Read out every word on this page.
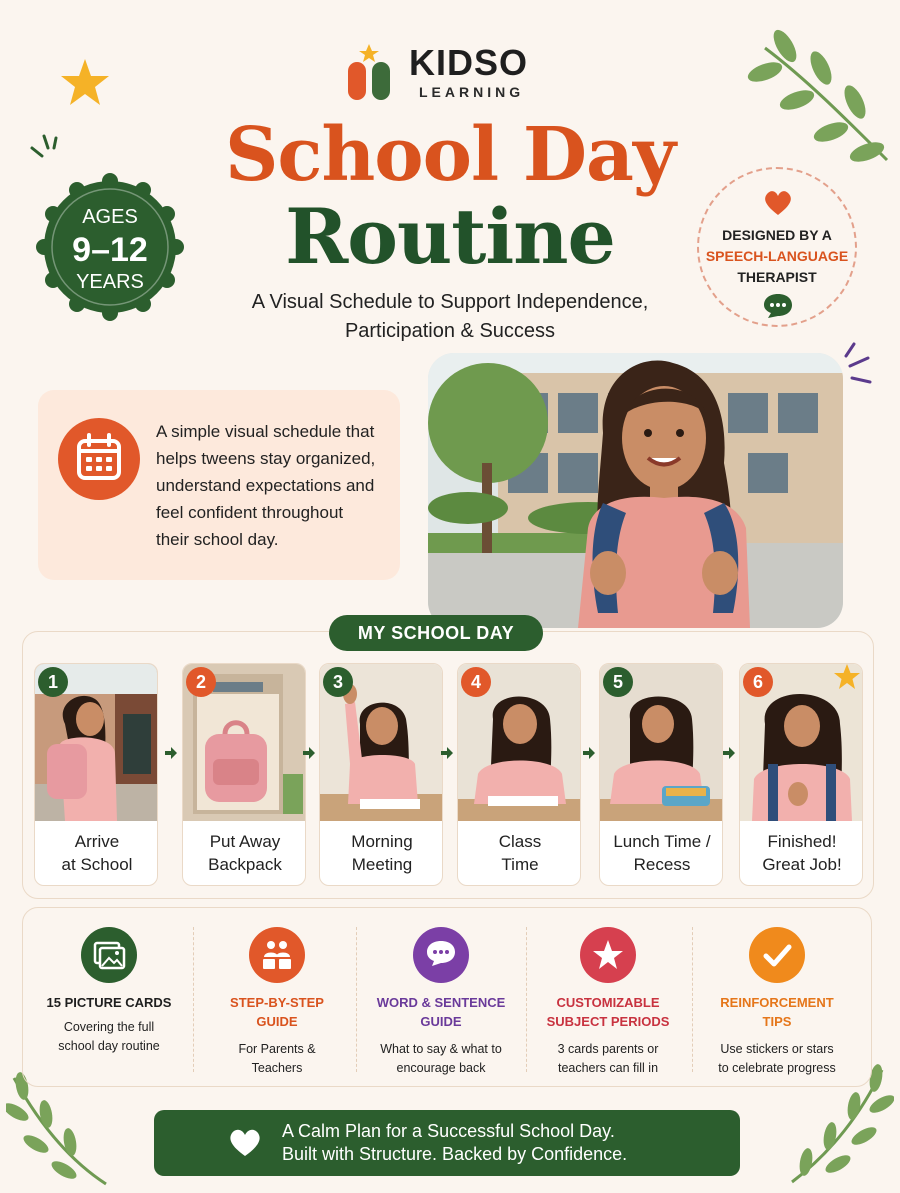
KIDSO
LEARNING
School Day
Routine
A Visual Schedule to Support Independence,
Participation & Success
AGES
9–12
YEARS
DESIGNED BY A
SPEECH-LANGUAGE
THERAPIST
A simple visual schedule that
helps tweens stay organized,
understand expectations and
feel confident throughout
their school day.
MY SCHOOL DAY
1
Arrive
at School
2
Put Away
Backpack
3
Morning
Meeting
4
Class
Time
5
Lunch Time /
Recess
6
Finished!
Great Job!
15 PICTURE CARDS
Covering the full
school day routine
STEP-BY-STEP
GUIDE
For Parents &
Teachers
WORD & SENTENCE
GUIDE
What to say & what to
encourage back
CUSTOMIZABLE
SUBJECT PERIODS
3 cards parents or
teachers can fill in
REINFORCEMENT
TIPS
Use stickers or stars
to celebrate progress
A Calm Plan for a Successful School Day.
Built with Structure. Backed by Confidence.
